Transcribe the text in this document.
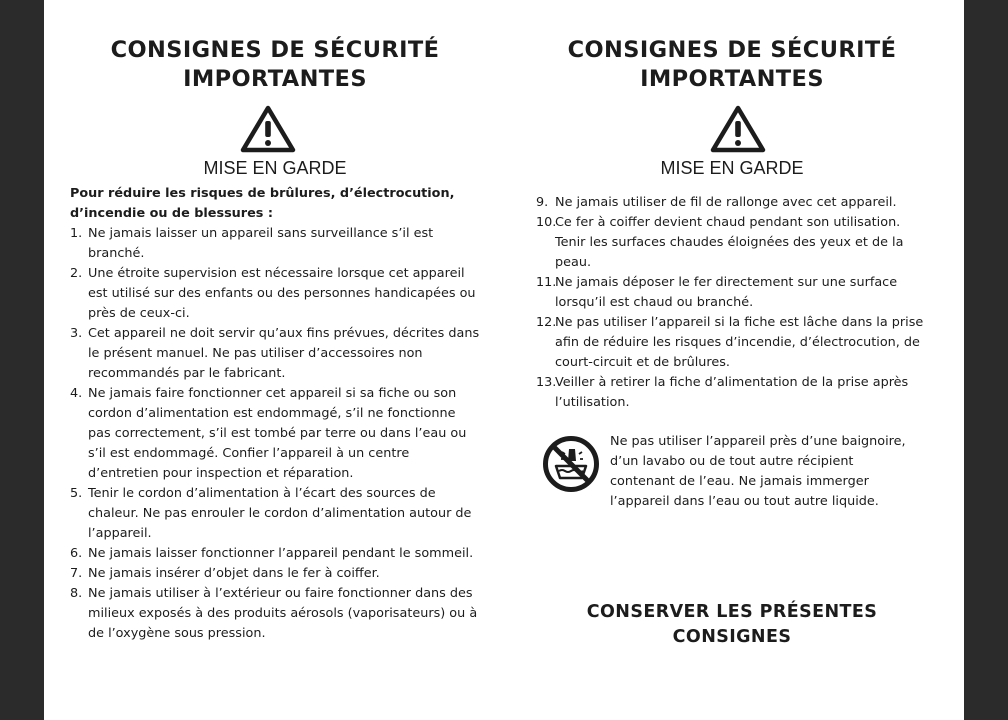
CONSIGNES DE SÉCURITÉ IMPORTANTES
MISE EN GARDE
Pour réduire les risques de brûlures, d’électrocution, d’incendie ou de blessures :
1. Ne jamais laisser un appareil sans surveillance s’il est branché.
2. Une étroite supervision est nécessaire lorsque cet appareil est utilisé sur des enfants ou des personnes handicapées ou près de ceux-ci.
3. Cet appareil ne doit servir qu’aux fins prévues, décrites dans le présent manuel. Ne pas utiliser d’accessoires non recommandés par le fabricant.
4. Ne jamais faire fonctionner cet appareil si sa fiche ou son cordon d’alimentation est endommagé, s’il ne fonctionne pas correctement, s’il est tombé par terre ou dans l’eau ou s’il est endommagé. Confier l’appareil à un centre d’entretien pour inspection et réparation.
5. Tenir le cordon d’alimentation à l’écart des sources de chaleur. Ne pas enrouler le cordon d’alimentation autour de l’appareil.
6. Ne jamais laisser fonctionner l’appareil pendant le sommeil.
7. Ne jamais insérer d’objet dans le fer à coiffer.
8. Ne jamais utiliser à l’extérieur ou faire fonctionner dans des milieux exposés à des produits aérosols (vaporisateurs) ou à de l’oxygène sous pression.
CONSIGNES DE SÉCURITÉ IMPORTANTES
MISE EN GARDE
9. Ne jamais utiliser de fil de rallonge avec cet appareil.
10.
Ce fer à coiffer devient chaud pendant son utilisation. Tenir les surfaces chaudes éloignées des yeux et de la peau.
11.
Ne jamais déposer le fer directement sur une surface lorsqu’il est chaud ou branché.
12.
Ne pas utiliser l’appareil si la fiche est lâche dans la prise afin de réduire les risques d’incendie, d’électrocution, de court-circuit et de brûlures.
13.
Veiller à retirer la fiche d’alimentation de la prise après l’utilisation.
Ne pas utiliser l’appareil près d’une baignoire, d’un lavabo ou de tout autre récipient contenant de l’eau. Ne jamais immerger l’appareil dans l’eau ou tout autre liquide.
CONSERVER LES PRÉSENTES CONSIGNES
